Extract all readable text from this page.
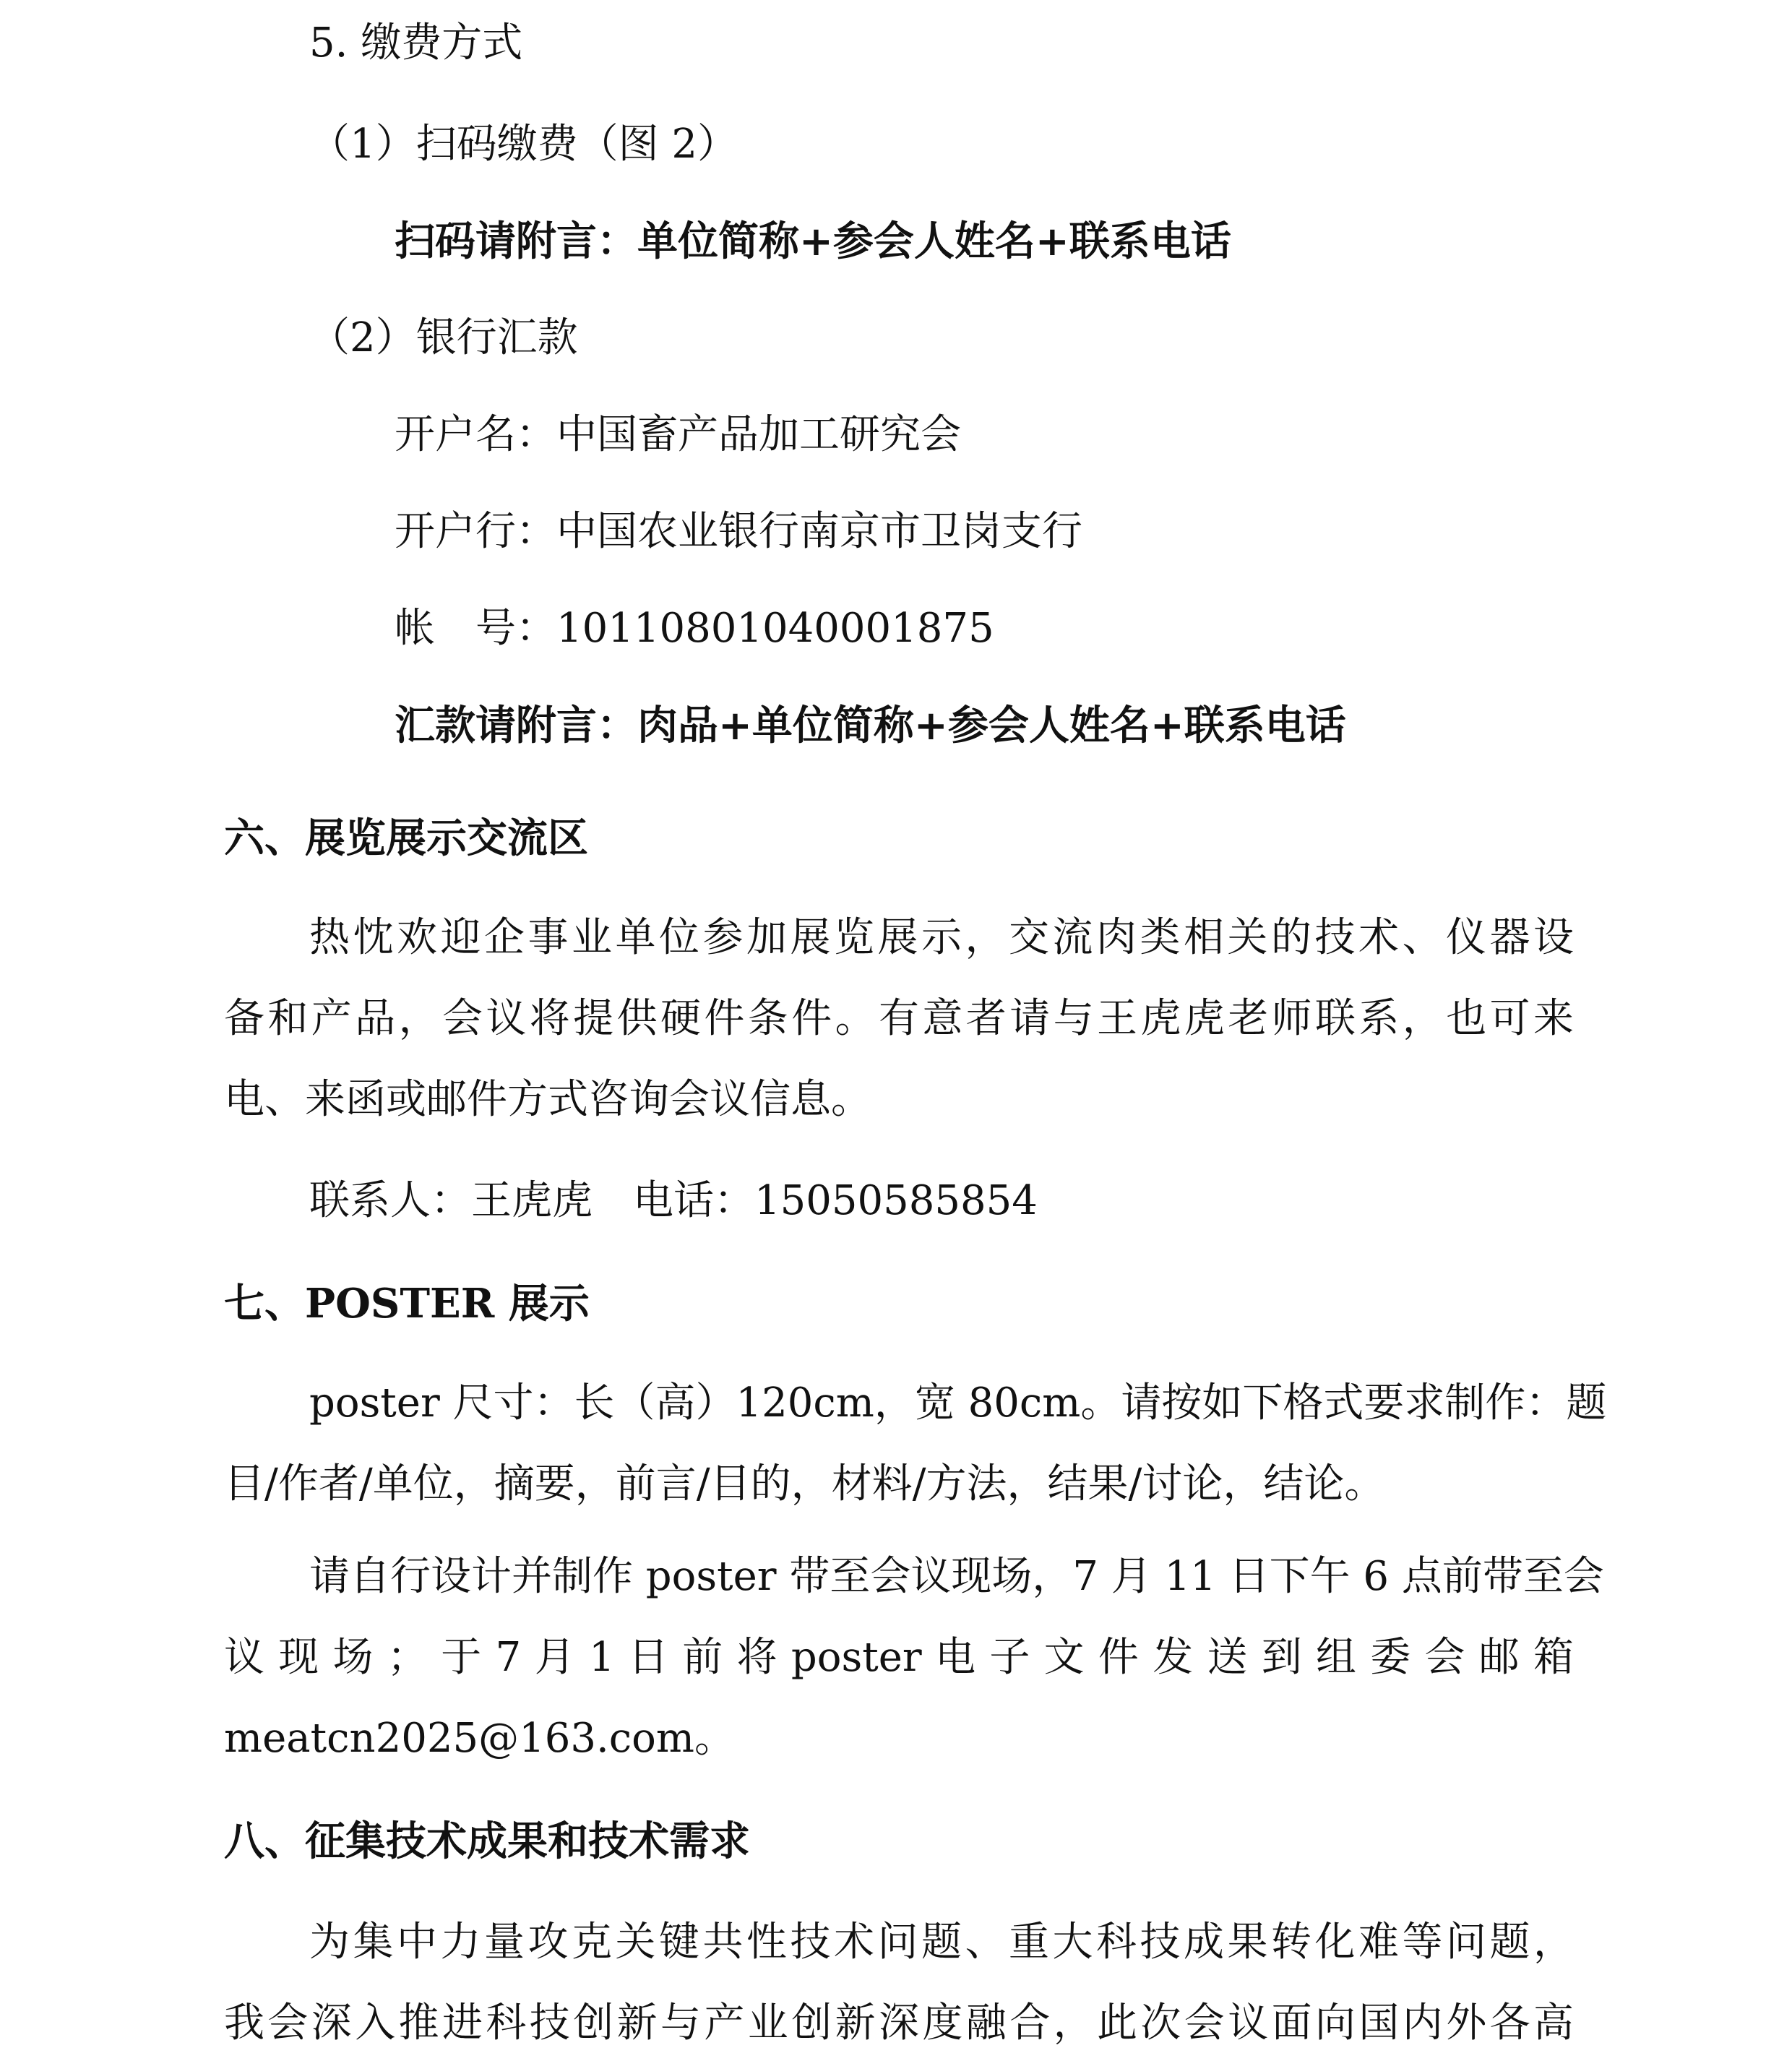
5. 缴费方式
（1）扫码缴费（图 2）
扫码请附言：单位简称+参会人姓名+联系电话
（2）银行汇款
开户名：中国畜产品加工研究会
开户行：中国农业银行南京市卫岗支行
帐　号：10110801040001875
汇款请附言：肉品+单位简称+参会人姓名+联系电话
六、展览展示交流区
热忱欢迎企事业单位参加展览展示，交流肉类相关的技术、仪器设
备和产品，会议将提供硬件条件。有意者请与王虎虎老师联系，也可来
电、来函或邮件方式咨询会议信息。
联系人：王虎虎　电话：15050585854
七、POSTER 展示
poster 尺寸：长（高）120cm，宽 80cm。请按如下格式要求制作：题
目/作者/单位，摘要，前言/目的，材料/方法，结果/讨论，结论。
请自行设计并制作 poster 带至会议现场，7 月 11 日下午 6 点前带至会
议 现 场 ； 于 7 月 1 日 前 将 poster 电 子 文 件 发 送 到 组 委 会 邮 箱
meatcn2025@163.com。
八、征集技术成果和技术需求
为集中力量攻克关键共性技术问题、重大科技成果转化难等问题，
我会深入推进科技创新与产业创新深度融合，此次会议面向国内外各高
